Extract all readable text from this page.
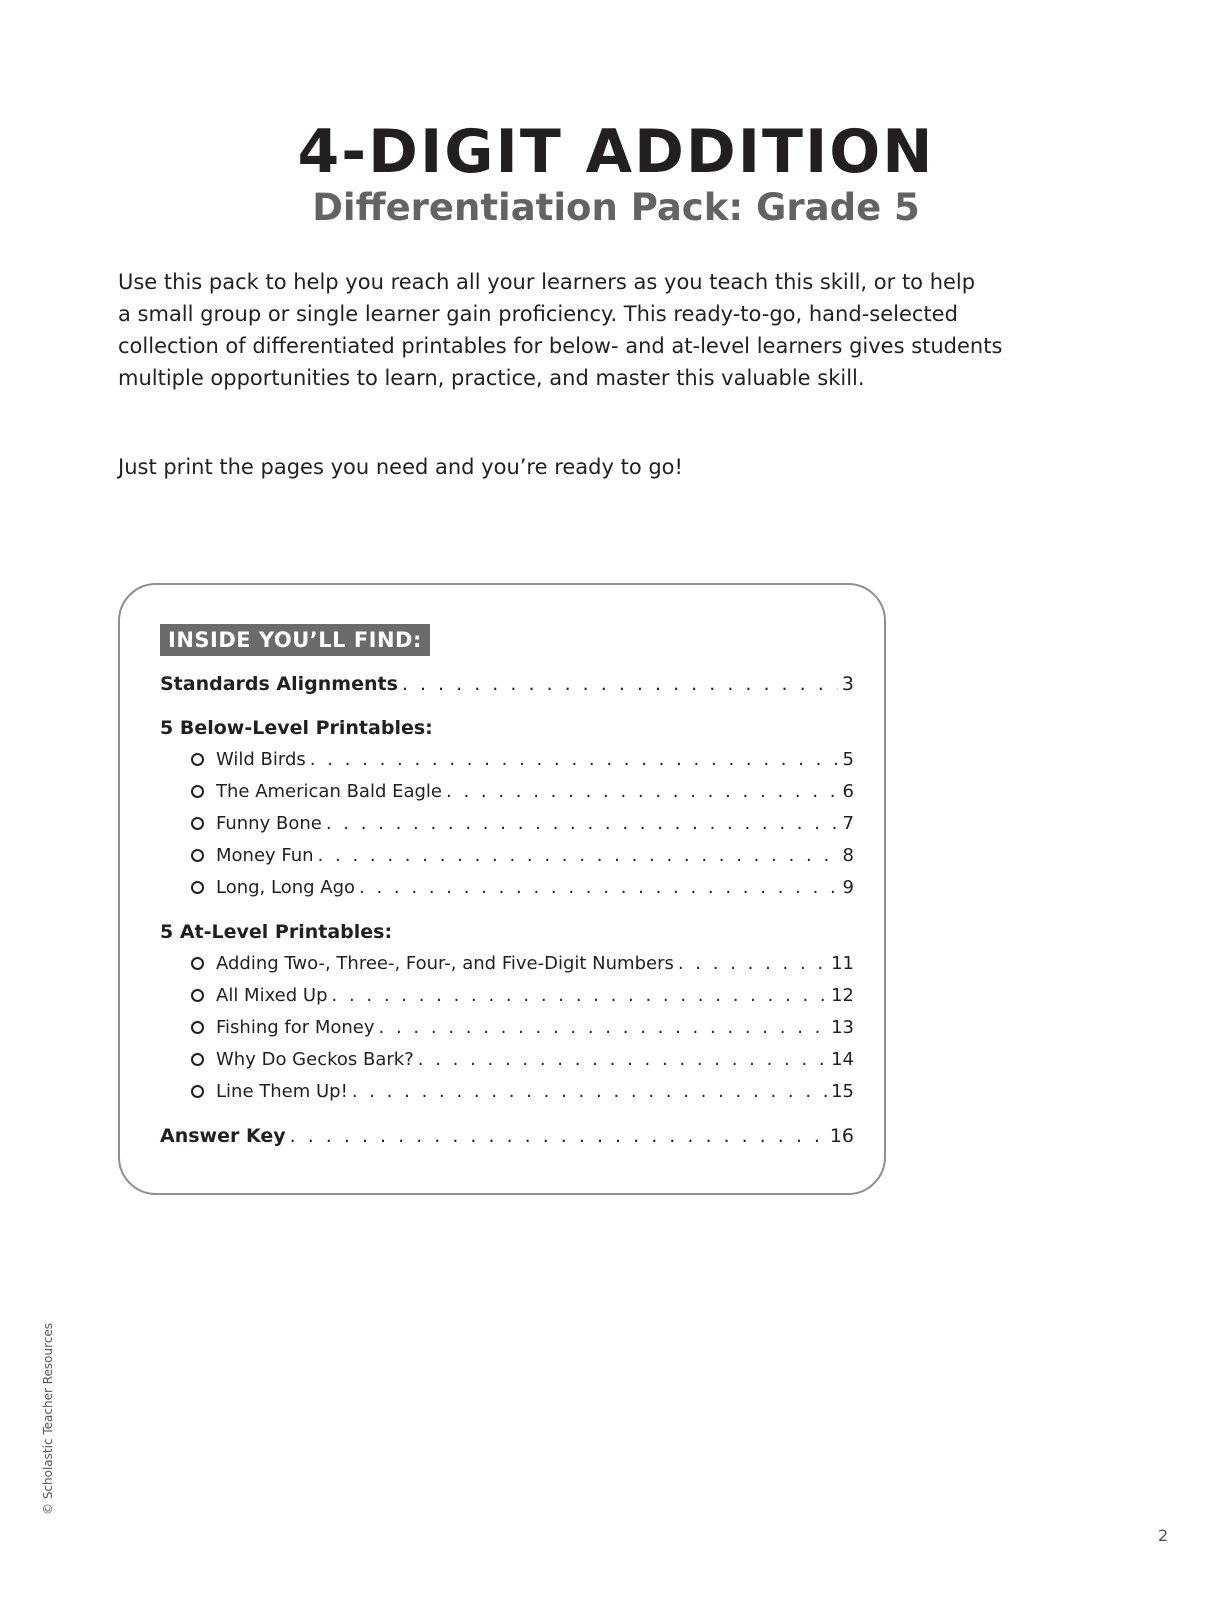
4-DIGIT ADDITION
Differentiation Pack: Grade 5

Use this pack to help you reach all your learners as you teach this skill, or to help
a small group or single learner gain proficiency. This ready-to-go, hand-selected
collection of differentiated printables for below- and at-level learners gives students
multiple opportunities to learn, practice, and master this valuable skill.

Just print the pages you need and you’re ready to go!

INSIDE YOU’LL FIND:
Standards Alignments . . .	3
5 Below-Level Printables:
Wild Birds . . .	5
The American Bald Eagle . . .	6
Funny Bone . . .	7
Money Fun . . .	8
Long, Long Ago . . .	9
5 At-Level Printables:
Adding Two-, Three-, Four-, and Five-Digit Numbers . . .	11
All Mixed Up . . .	12
Fishing for Money . . .	13
Why Do Geckos Bark? . . .	14
Line Them Up! . . .	15
Answer Key . . .	16
© Scholastic Teacher Resources
2
